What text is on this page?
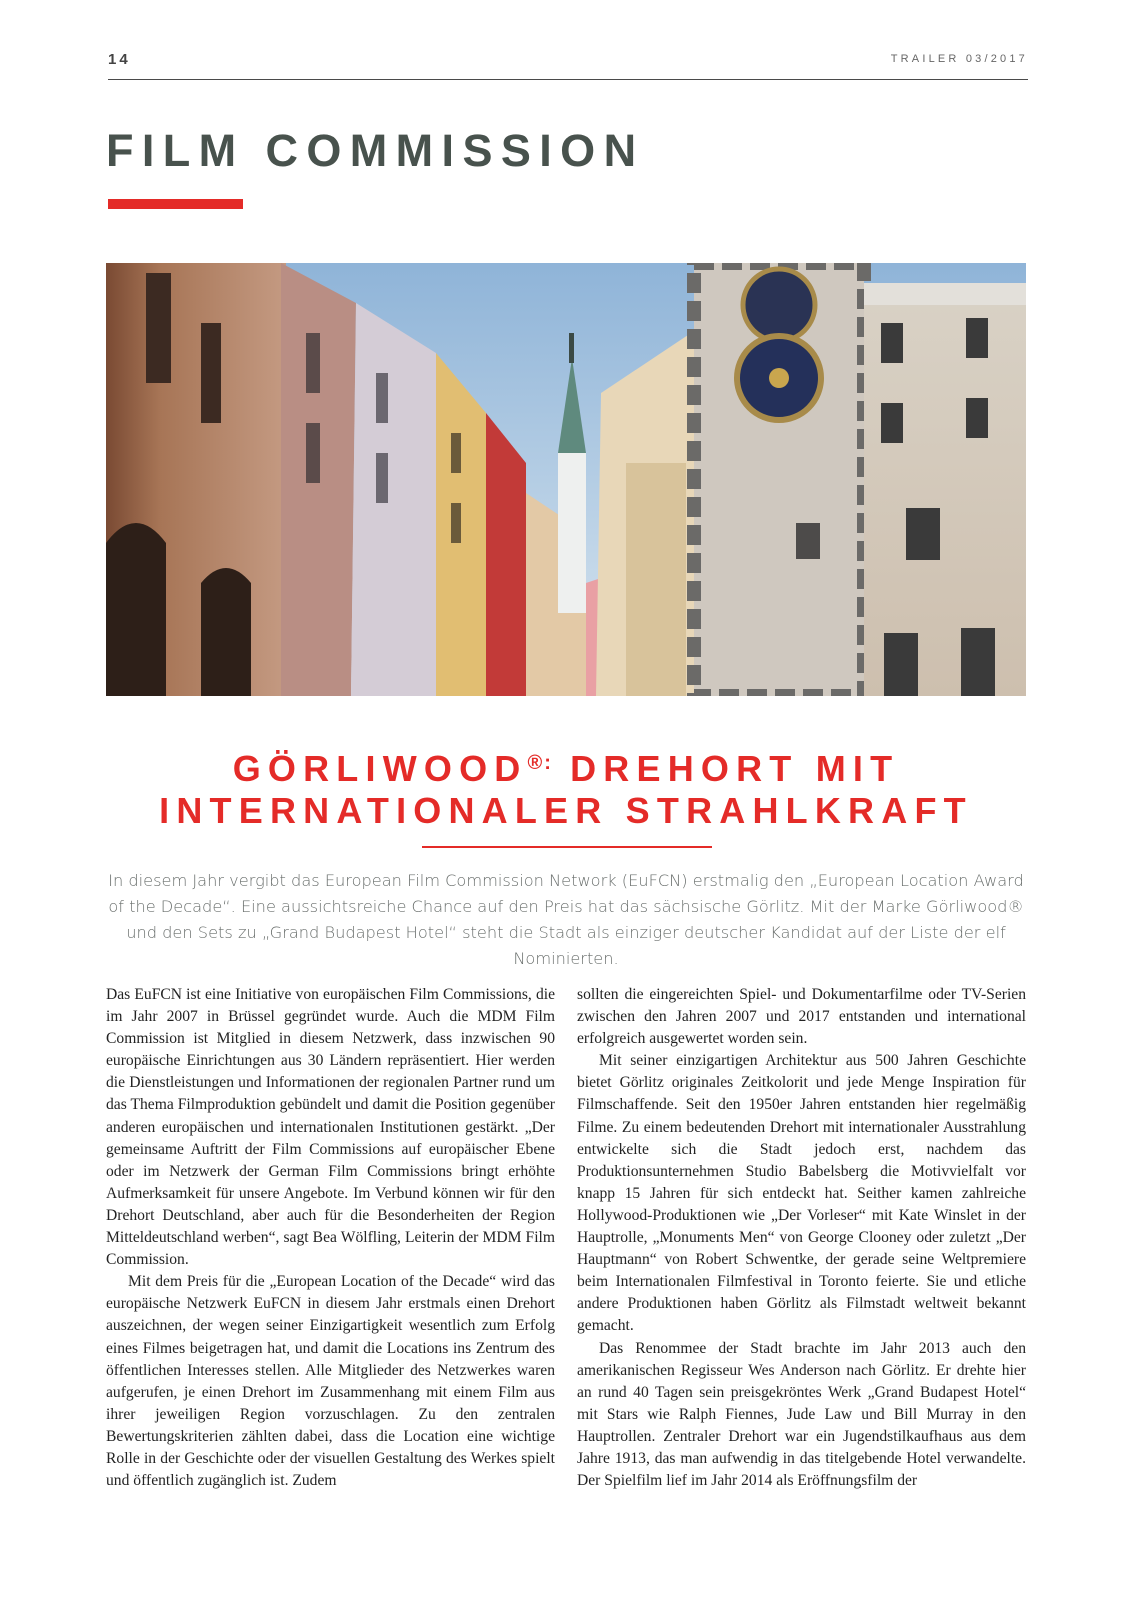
14	TRAILER 03/2017
FILM COMMISSION
GÖRLIWOOD®: DREHORT MIT
INTERNATIONALER STRAHLKRAFT
In diesem Jahr vergibt das European Film Commission Network (EuFCN) erstmalig den „European Location Award of the Decade“. Eine aussichtsreiche Chance auf den Preis hat das sächsische Görlitz. Mit der Marke Görliwood® und den Sets zu „Grand Budapest Hotel“ steht die Stadt als einziger deutscher Kandidat auf der Liste der elf Nominierten.

Das EuFCN ist eine Initiative von europäischen Film Commissions, die im Jahr 2007 in Brüssel gegründet wurde. Auch die MDM Film Commission ist Mitglied in diesem Netzwerk, dass inzwischen 90 europäische Einrichtungen aus 30 Ländern repräsentiert. Hier werden die Dienstleistungen und Informationen der regionalen Partner rund um das Thema Filmproduktion gebündelt und damit die Position gegenüber anderen europäischen und internationalen Institutionen gestärkt. „Der gemeinsame Auftritt der Film Commissions auf europäischer Ebene oder im Netzwerk der German Film Commissions bringt erhöhte Aufmerksamkeit für unsere Angebote. Im Verbund können wir für den Drehort Deutschland, aber auch für die Besonderheiten der Region Mitteldeutschland werben“, sagt Bea Wölfling, Leiterin der MDM Film Commission.

Mit dem Preis für die „European Location of the Decade“ wird das europäische Netzwerk EuFCN in diesem Jahr erstmals einen Drehort auszeichnen, der wegen seiner Einzigartigkeit wesentlich zum Erfolg eines Filmes beigetragen hat, und damit die Locations ins Zentrum des öffentlichen Interesses stellen. Alle Mitglieder des Netzwerkes waren aufgerufen, je einen Drehort im Zusammenhang mit einem Film aus ihrer jeweiligen Region vorzuschlagen. Zu den zentralen Bewertungskriterien zählten dabei, dass die Location eine wichtige Rolle in der Geschichte oder der visuellen Gestaltung des Werkes spielt und öffentlich zugänglich ist. Zudem

sollten die eingereichten Spiel- und Dokumentarfilme oder TV-Serien zwischen den Jahren 2007 und 2017 entstanden und international erfolgreich ausgewertet worden sein.

Mit seiner einzigartigen Architektur aus 500 Jahren Geschichte bietet Görlitz originales Zeitkolorit und jede Menge Inspiration für Filmschaffende. Seit den 1950er Jahren entstanden hier regelmäßig Filme. Zu einem bedeutenden Drehort mit internationaler Ausstrahlung entwickelte sich die Stadt jedoch erst, nachdem das Produktionsunternehmen Studio Babelsberg die Motivvielfalt vor knapp 15 Jahren für sich entdeckt hat. Seither kamen zahlreiche Hollywood-Produktionen wie „Der Vorleser“ mit Kate Winslet in der Hauptrolle, „Monuments Men“ von George Clooney oder zuletzt „Der Hauptmann“ von Robert Schwentke, der gerade seine Weltpremiere beim Internationalen Filmfestival in Toronto feierte. Sie und etliche andere Produktionen haben Görlitz als Filmstadt weltweit bekannt gemacht.

Das Renommee der Stadt brachte im Jahr 2013 auch den amerikanischen Regisseur Wes Anderson nach Görlitz. Er drehte hier an rund 40 Tagen sein preisgekröntes Werk „Grand Budapest Hotel“ mit Stars wie Ralph Fiennes, Jude Law und Bill Murray in den Hauptrollen. Zentraler Drehort war ein Jugendstilkaufhaus aus dem Jahre 1913, das man aufwendig in das titelgebende Hotel verwandelte. Der Spielfilm lief im Jahr 2014 als Eröffnungsfilm der
